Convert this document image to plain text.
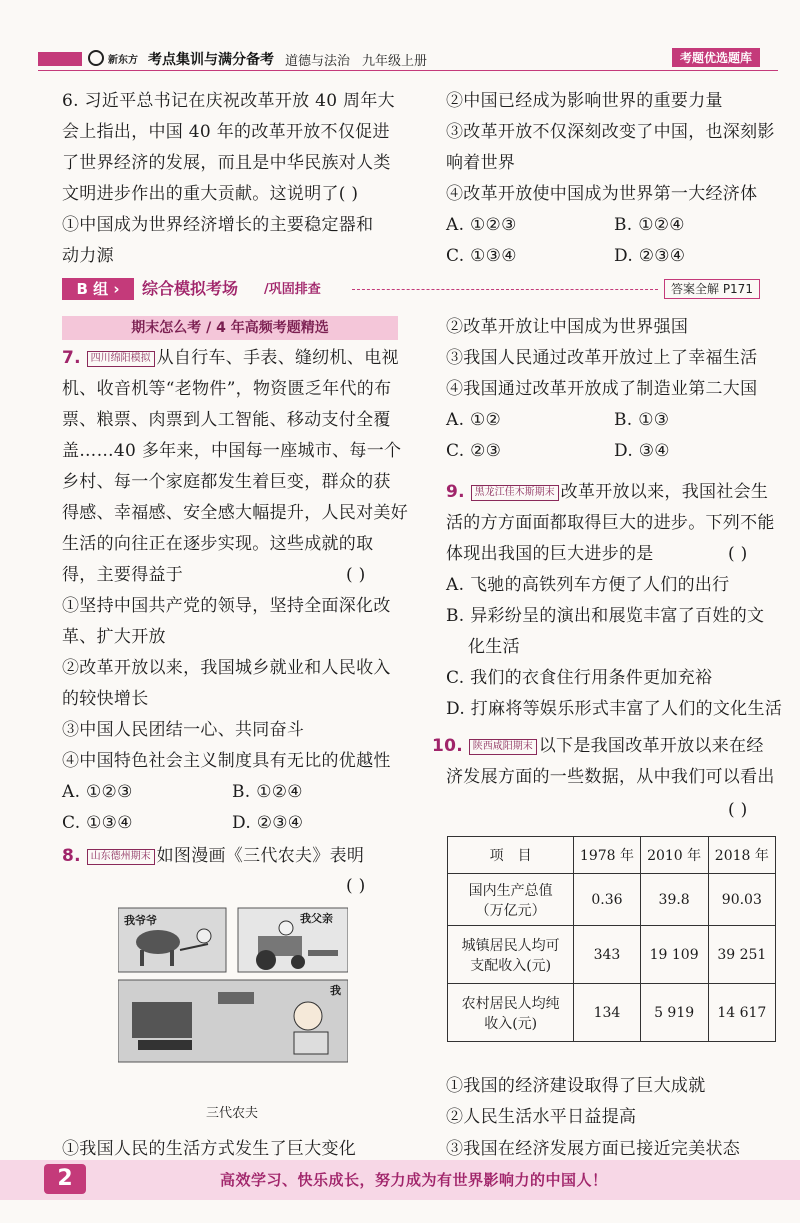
新东方 考点集训与满分备考 道德与法治 九年级上册	考题优选题库
6. 习近平总书记在庆祝改革开放 40 周年大
会上指出，中国 40 年的改革开放不仅促进
了世界经济的发展，而且是中华民族对人类
文明进步作出的重大贡献。这说明了( )
①中国成为世界经济增长的主要稳定器和
动力源
②中国已经成为影响世界的重要力量
③改革开放不仅深刻改变了中国，也深刻影
响着世界
④改革开放使中国成为世界第一大经济体
A. ①②③	B. ①②④
C. ①③④	D. ②③④
B 组 ›	综合模拟考场 /巩固排查	答案全解 P171
期末怎么考 / 4 年高频考题精选
7. 四川绵阳模拟 从自行车、手表、缝纫机、电视
机、收音机等“老物件”，物资匮乏年代的布
票、粮票、肉票到人工智能、移动支付全覆
盖……40 多年来，中国每一座城市、每一个
乡村、每一个家庭都发生着巨变，群众的获
得感、幸福感、安全感大幅提升，人民对美好
生活的向往正在逐步实现。这些成就的取
得，主要得益于	( )
①坚持中国共产党的领导，坚持全面深化改
革、扩大开放
②改革开放以来，我国城乡就业和人民收入
的较快增长
③中国人民团结一心、共同奋斗
④中国特色社会主义制度具有无比的优越性
A. ①②③	B. ①②④
C. ①③④	D. ②③④
8. 山东德州期末 如图漫画《三代农夫》表明
( )
我爷爷	我父亲
我
三代农夫
①我国人民的生活方式发生了巨大变化
②改革开放让中国成为世界强国
③我国人民通过改革开放过上了幸福生活
④我国通过改革开放成了制造业第二大国
A. ①②	B. ①③
C. ②③	D. ③④
9. 黑龙江佳木斯期末 改革开放以来，我国社会生
活的方方面面都取得巨大的进步。下列不能
体现出我国的巨大进步的是	( )
A. 飞驰的高铁列车方便了人们的出行
B. 异彩纷呈的演出和展览丰富了百姓的文
化生活
C. 我们的衣食住行用条件更加充裕
D. 打麻将等娱乐形式丰富了人们的文化生活
10. 陕西咸阳期末 以下是我国改革开放以来在经
济发展方面的一些数据，从中我们可以看出
( )
项　目	1978 年	2010 年	2018 年

国内生产总值
（万亿元）	0.36	39.8	90.03

城镇居民人均可
支配收入(元)	343	19 109	39 251

农村居民人均纯
收入(元)	134	5 919	14 617
①我国的经济建设取得了巨大成就
②人民生活水平日益提高
③我国在经济发展方面已接近完美状态
2	高效学习、快乐成长，努力成为有世界影响力的中国人！
